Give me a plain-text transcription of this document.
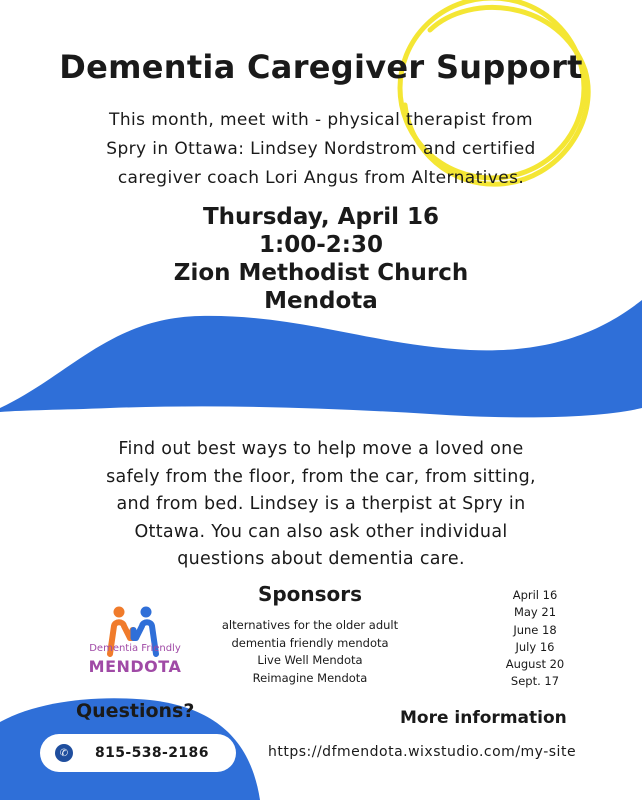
Dementia Caregiver Support
This month, meet with - physical therapist from
Spry in Ottawa: Lindsey Nordstrom and certified
caregiver coach Lori Angus from Alternatives.
Thursday, April 16
1:00-2:30
Zion Methodist Church
Mendota
Find out best ways to help move a loved one
safely from the floor, from the car, from sitting,
and from bed. Lindsey is a therpist at Spry in
Ottawa. You can also ask other individual
questions about dementia care.
Dementia Friendly
MENDOTA
Sponsors
alternatives for the older adult
dementia friendly mendota
Live Well Mendota
Reimagine Mendota
April 16
May 21
June 18
July 16
August 20
Sept. 17
Questions?
✆	815-538-2186
More information
https://dfmendota.wixstudio.com/my-site
